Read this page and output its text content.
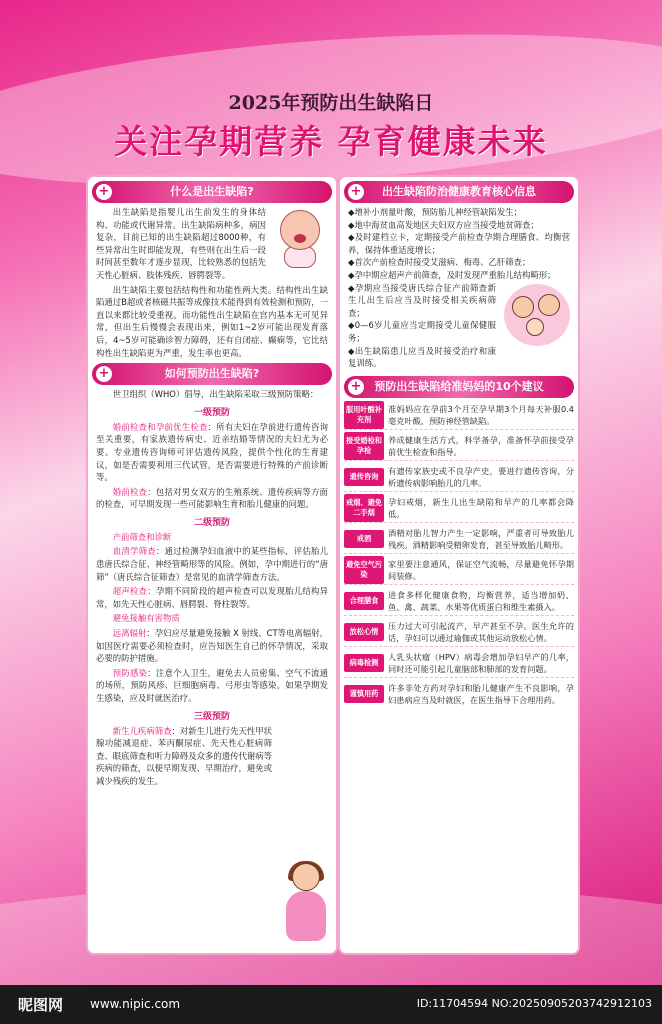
2025年预防出生缺陷日
关注孕期营养 孕育健康未来
+	什么是出生缺陷?
出生缺陷是指婴儿出生前发生的身体结构、功能或代谢异常。出生缺陷病种多，病因复杂，目前已知的出生缺陷超过8000种，有些异常出生时即能发现，有些则在出生后一段时间甚至数年才逐步显现，比较熟悉的包括先天性心脏病、肢体残疾、唇腭裂等。
出生缺陷主要包括结构性和功能性两大类。结构性出生缺陷通过B超或者核磁共振等成像技术能得到有效检测和预防，一直以来都比较受重视。而功能性出生缺陷在宫内基本无可见异常，但出生后慢慢会表现出来，例如1~2岁可能出现发育落后，4~5岁可能确诊智力障碍，还有自闭症、癫痫等，它比结构性出生缺陷更为严重，发生率也更高。
+	如何预防出生缺陷?
世卫组织（WHO）倡导，出生缺陷采取三级预防策略：
一级预防
婚前检查和孕前优生检查：所有夫妇在孕前进行遗传咨询至关重要，有家族遗传病史、近亲结婚等情况的夫妇尤为必要。专业遗传咨询师可评估遗传风险，提供个性化的生育建议，如是否需要利用三代试管，是否需要进行特殊的产前诊断等。
婚前检查：包括对男女双方的生殖系统、遗传疾病等方面的检查，可早期发现一些可能影响生育和胎儿健康的问题。
二级预防
产前筛查和诊断
血清学筛查：通过检测孕妇血液中的某些指标，评估胎儿患唐氏综合征、神经管畸形等的风险。例如，孕中期进行的“唐筛”（唐氏综合征筛查）是常见的血清学筛查方法。
超声检查：孕期不同阶段的超声检查可以发现胎儿结构异常，如先天性心脏病、唇腭裂、脊柱裂等。
避免接触有害物质
远离辐射：孕妇应尽量避免接触 X 射线、CT等电离辐射，如因医疗需要必须检查时，应告知医生自己的怀孕情况，采取必要的防护措施。
预防感染：注意个人卫生，避免去人员密集、空气不流通的场所，预防风疹、巨细胞病毒、弓形虫等感染。如果孕期发生感染，应及时就医治疗。
三级预防
新生儿疾病筛查：对新生儿进行先天性甲状腺功能减退症、苯丙酮尿症、先天性心脏病筛查、眼底筛查和听力障碍及众多的遗传代谢病等疾病的筛查，以便早期发现、早期治疗，避免或减少残疾的发生。
+ 出生缺陷防治健康教育核心信息
◆增补小剂量叶酸，预防胎儿神经管缺陷发生；
◆地中海贫血高发地区夫妇双方应当接受地贫筛查；
◆及时建档立卡，定期接受产前检查孕期合理膳食、均衡营养，保持体重适度增长；
◆首次产前检查时接受艾滋病、梅毒、乙肝筛查；
◆孕中期应超声产前筛查，及时发现严重胎儿结构畸形；
◆孕期应当接受唐氏综合征产前筛查新生儿出生后应当及时接受相关疾病筛查；
◆0—6岁儿童应当定期接受儿童保健服务；
◆出生缺陷患儿应当及时接受治疗和康复训练。
+ 预防出生缺陷给准妈妈的10个建议
服用叶酸补充剂
准妈妈应在孕前3个月至孕早期3个月每天补服0.4毫克叶酸，预防神经管缺陷。
接受婚检和孕检
养成健康生活方式，科学备孕，准备怀孕前接受孕前优生检查和指导。
遗传咨询
有遗传家族史或不良孕产史，要进行遗传咨询，分析遗传病影响胎儿的几率。
戒烟、避免二手烟
孕妇戒烟，新生儿出生缺陷和早产的几率都会降低。
戒酒
酒精对胎儿智力产生一定影响，严重者可导致胎儿残疾。酒精影响受精卵发育，甚至导致胎儿畸形。
避免空气污染
家里要注意通风，保证空气流畅，尽量避免怀孕期间装修。
合理膳食
进食多样化健康食物，均衡营养，适当增加奶、鱼、禽、蔬菜、水果等优质蛋白和维生素摄入。
放松心情
压力过大可引起流产，早产甚至不孕。医生允许的话，孕妇可以通过瑜伽或其他运动放松心情。
病毒检测
人乳头状瘤（HPV）病毒会增加孕妇早产的几率，同时还可能引起儿童脑部和肺部的发育问题。
谨慎用药
许多非处方药对孕妇和胎儿健康产生不良影响，孕妇患病应当及时就医，在医生指导下合理用药。
昵图网 www.nipic.com	ID:11704594 NO:20250905203742912103
